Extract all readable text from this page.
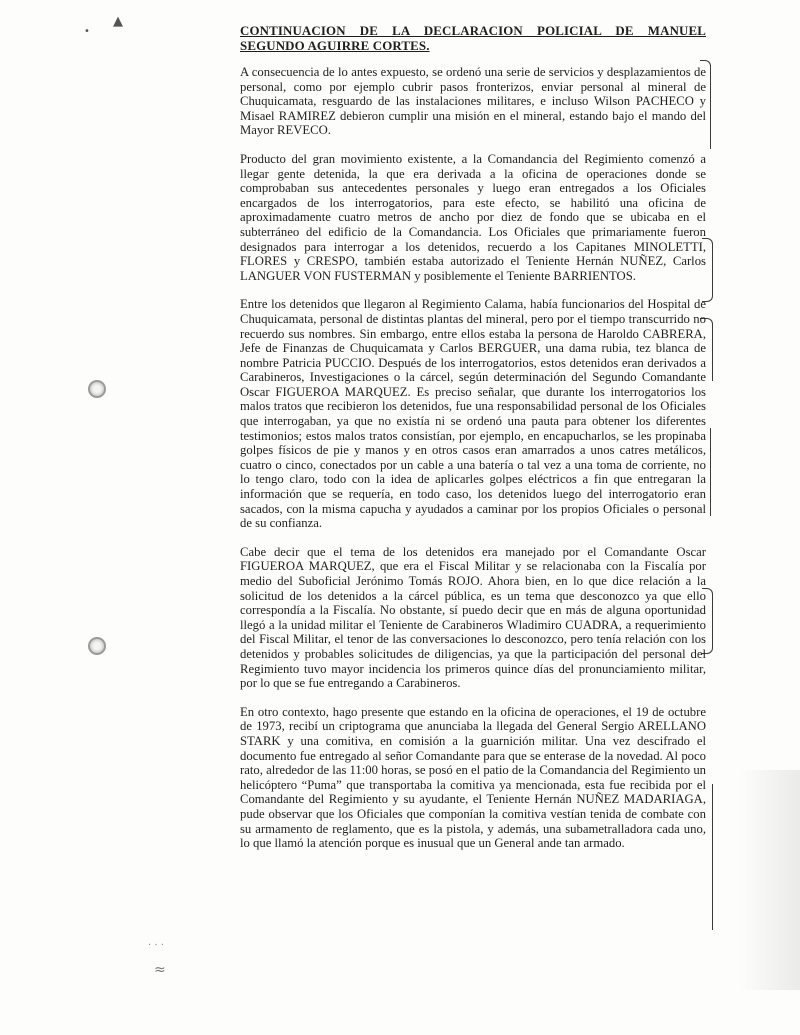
▲
•
· ⋅ ·
≈
CONTINUACION DE LA DECLARACION POLICIAL DE MANUEL SEGUNDO AGUIRRE CORTES.

A consecuencia de lo antes expuesto, se ordenó una serie de servicios y desplazamientos de personal, como por ejemplo cubrir pasos fronterizos, enviar personal al mineral de Chuquicamata, resguardo de las instalaciones militares, e incluso Wilson PACHECO y Misael RAMIREZ debieron cumplir una misión en el mineral, estando bajo el mando del Mayor REVECO.

Producto del gran movimiento existente, a la Comandancia del Regimiento comenzó a llegar gente detenida, la que era derivada a la oficina de operaciones donde se comprobaban sus antecedentes personales y luego eran entregados a los Oficiales encargados de los interrogatorios, para este efecto, se habilitó una oficina de aproximadamente cuatro metros de ancho por diez de fondo que se ubicaba en el subterráneo del edificio de la Comandancia. Los Oficiales que primariamente fueron designados para interrogar a los detenidos, recuerdo a los Capitanes MINOLETTI, FLORES y CRESPO, también estaba autorizado el Teniente Hernán NUÑEZ, Carlos LANGUER VON FUSTERMAN y posiblemente el Teniente BARRIENTOS.

Entre los detenidos que llegaron al Regimiento Calama, había funcionarios del Hospital de Chuquicamata, personal de distintas plantas del mineral, pero por el tiempo transcurrido no recuerdo sus nombres. Sin embargo, entre ellos estaba la persona de Haroldo CABRERA, Jefe de Finanzas de Chuquicamata y Carlos BERGUER, una dama rubia, tez blanca de nombre Patricia PUCCIO. Después de los interrogatorios, estos detenidos eran derivados a Carabineros, Investigaciones o la cárcel, según determinación del Segundo Comandante Oscar FIGUEROA MARQUEZ. Es preciso señalar, que durante los interrogatorios los malos tratos que recibieron los detenidos, fue una responsabilidad personal de los Oficiales que interrogaban, ya que no existía ni se ordenó una pauta para obtener los diferentes testimonios; estos malos tratos consistían, por ejemplo, en encapucharlos, se les propinaba golpes físicos de pie y manos y en otros casos eran amarrados a unos catres metálicos, cuatro o cinco, conectados por un cable a una batería o tal vez a una toma de corriente, no lo tengo claro, todo con la idea de aplicarles golpes eléctricos a fin que entregaran la información que se requería, en todo caso, los detenidos luego del interrogatorio eran sacados, con la misma capucha y ayudados a caminar por los propios Oficiales o personal de su confianza.

Cabe decir que el tema de los detenidos era manejado por el Comandante Oscar FIGUEROA MARQUEZ, que era el Fiscal Militar y se relacionaba con la Fiscalía por medio del Suboficial Jerónimo Tomás ROJO. Ahora bien, en lo que dice relación a la solicitud de los detenidos a la cárcel pública, es un tema que desconozco ya que ello correspondía a la Fiscalía. No obstante, sí puedo decir que en más de alguna oportunidad llegó a la unidad militar el Teniente de Carabineros Wladimiro CUADRA, a requerimiento del Fiscal Militar, el tenor de las conversaciones lo desconozco, pero tenía relación con los detenidos y probables solicitudes de diligencias, ya que la participación del personal del Regimiento tuvo mayor incidencia los primeros quince días del pronunciamiento militar, por lo que se fue entregando a Carabineros.

En otro contexto, hago presente que estando en la oficina de operaciones, el 19 de octubre de 1973, recibí un criptograma que anunciaba la llegada del General Sergio ARELLANO STARK y una comitiva, en comisión a la guarnición militar. Una vez descifrado el documento fue entregado al señor Comandante para que se enterase de la novedad. Al poco rato, alrededor de las 11:00 horas, se posó en el patio de la Comandancia del Regimiento un helicóptero “Puma” que transportaba la comitiva ya mencionada, esta fue recibida por el Comandante del Regimiento y su ayudante, el Teniente Hernán NUÑEZ MADARIAGA, pude observar que los Oficiales que componían la comitiva vestían tenida de combate con su armamento de reglamento, que es la pistola, y además, una subametralladora cada uno, lo que llamó la atención porque es inusual que un General ande tan armado.
